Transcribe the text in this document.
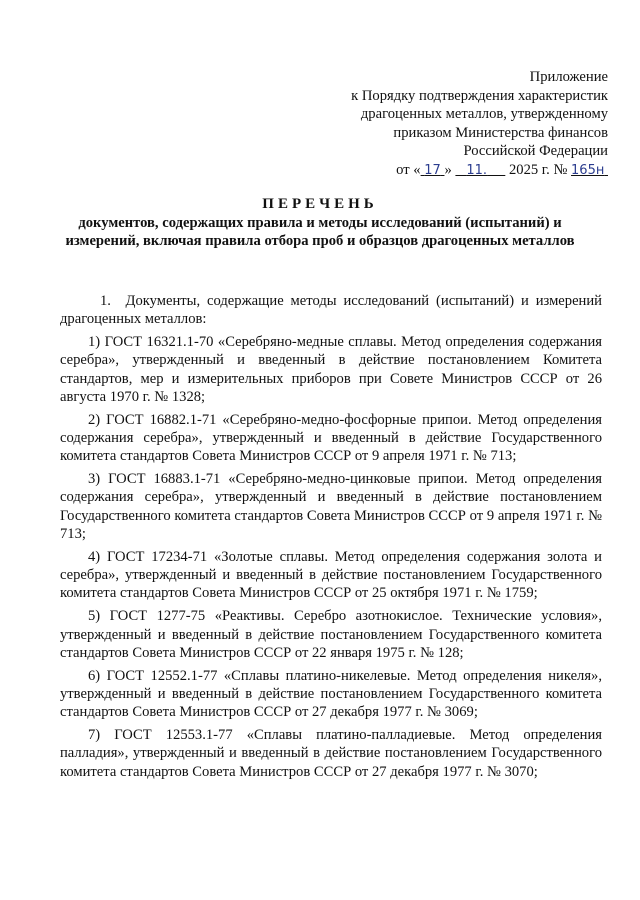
Приложение
к Порядку подтверждения характеристик
драгоценных металлов, утвержденному
приказом Министерства финансов
Российской Федерации
от « 17 » 11. 2025 г. № 165н
ПЕРЕЧЕНЬ
документов, содержащих правила и методы исследований (испытаний) и измерений, включая правила отбора проб и образцов драгоценных металлов

1. Документы, содержащие методы исследований (испытаний) и измерений драгоценных металлов:

1) ГОСТ 16321.1-70 «Серебряно-медные сплавы. Метод определения содержания серебра», утвержденный и введенный в действие постановлением Комитета стандартов, мер и измерительных приборов при Совете Министров СССР от 26 августа 1970 г. № 1328;

2) ГОСТ 16882.1-71 «Серебряно-медно-фосфорные припои. Метод определения содержания серебра», утвержденный и введенный в действие Государственного комитета стандартов Совета Министров СССР от 9 апреля 1971 г. № 713;

3) ГОСТ 16883.1-71 «Серебряно-медно-цинковые припои. Метод определения содержания серебра», утвержденный и введенный в действие постановлением Государственного комитета стандартов Совета Министров СССР от 9 апреля 1971 г. № 713;

4) ГОСТ 17234-71 «Золотые сплавы. Метод определения содержания золота и серебра», утвержденный и введенный в действие постановлением Государственного комитета стандартов Совета Министров СССР от 25 октября 1971 г. № 1759;

5) ГОСТ 1277-75 «Реактивы. Серебро азотнокислое. Технические условия», утвержденный и введенный в действие постановлением Государственного комитета стандартов Совета Министров СССР от 22 января 1975 г. № 128;

6) ГОСТ 12552.1-77 «Сплавы платино-никелевые. Метод определения никеля», утвержденный и введенный в действие постановлением Государственного комитета стандартов Совета Министров СССР от 27 декабря 1977 г. № 3069;

7) ГОСТ 12553.1-77 «Сплавы платино-палладиевые. Метод определения палладия», утвержденный и введенный в действие постановлением Государственного комитета стандартов Совета Министров СССР от 27 декабря 1977 г. № 3070;
